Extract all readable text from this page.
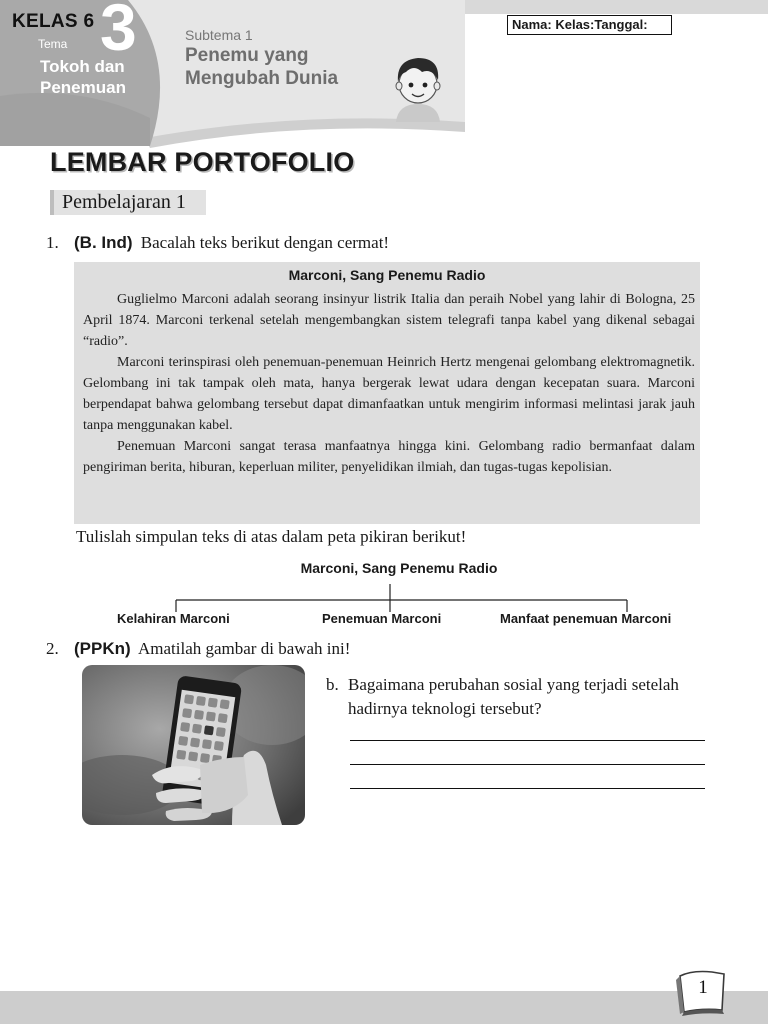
KELAS 6 3
Tema
Tokoh dan Penemuan
Subtema 1
Penemu yang Mengubah Dunia
Nama: Kelas:Tanggal:
LEMBAR PORTOFOLIO
Pembelajaran 1
1. (B. Ind) Bacalah teks berikut dengan cermat!
Marconi, Sang Penemu Radio

Guglielmo Marconi adalah seorang insinyur listrik Italia dan peraih Nobel yang lahir di Bologna, 25 April 1874. Marconi terkenal setelah mengembangkan sistem telegrafi tanpa kabel yang dikenal sebagai “radio”.

Marconi terinspirasi oleh penemuan-penemuan Heinrich Hertz mengenai gelombang elektromagnetik. Gelombang ini tak tampak oleh mata, hanya bergerak lewat udara dengan kecepatan suara. Marconi berpendapat bahwa gelombang tersebut dapat dimanfaatkan untuk mengirim informasi melintasi jarak jauh tanpa menggunakan kabel.

Penemuan Marconi sangat terasa manfaatnya hingga kini. Gelombang radio bermanfaat dalam pengiriman berita, hiburan, keperluan militer, penyelidikan ilmiah, dan tugas-tugas kepolisian.

Tulislah simpulan teks di atas dalam peta pikiran berikut!
Marconi, Sang Penemu Radio
Kelahiran Marconi	Penemuan Marconi	Manfaat penemuan Marconi
2. (PPKn) Amatilah gambar di bawah ini!
b. Bagaimana perubahan sosial yang terjadi setelah
hadirnya teknologi tersebut?
1
